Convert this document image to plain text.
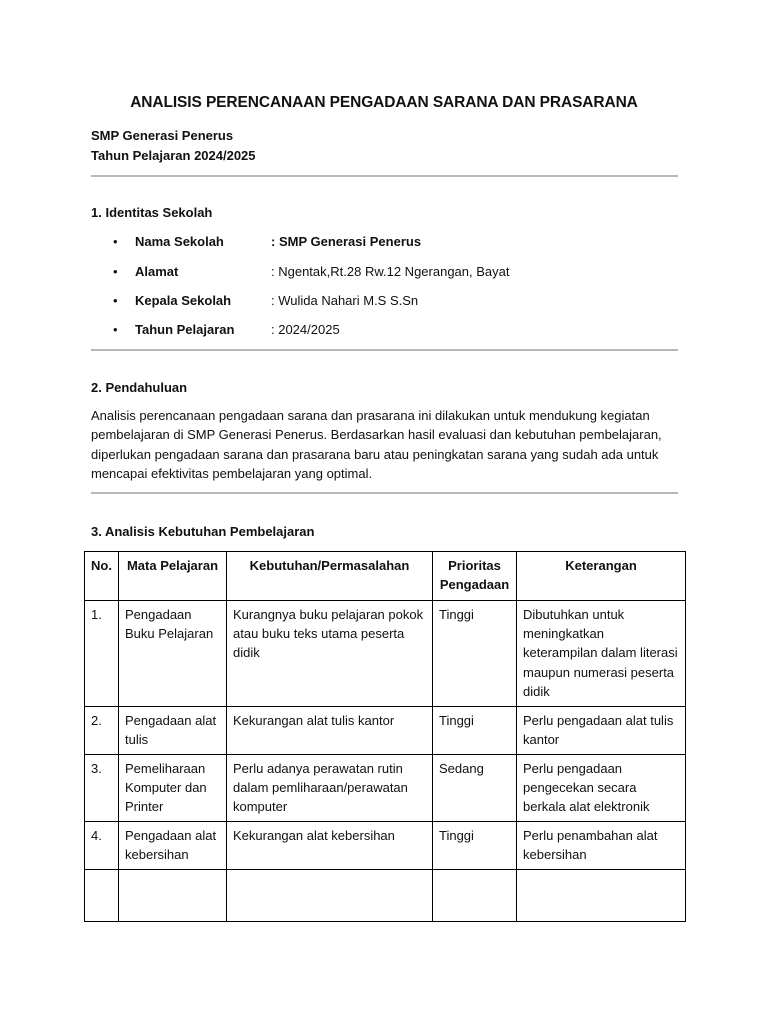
ANALISIS PERENCANAAN PENGADAAN SARANA DAN PRASARANA
SMP Generasi Penerus
Tahun Pelajaran 2024/2025
1. Identitas Sekolah
• Nama Sekolah	: SMP Generasi Penerus
• Alamat	: Ngentak,Rt.28 Rw.12 Ngerangan, Bayat
• Kepala Sekolah	: Wulida Nahari M.S S.Sn
• Tahun Pelajaran	: 2024/2025
2. Pendahuluan

Analisis perencanaan pengadaan sarana dan prasarana ini dilakukan untuk mendukung kegiatan

pembelajaran di SMP Generasi Penerus. Berdasarkan hasil evaluasi dan kebutuhan pembelajaran,

diperlukan pengadaan sarana dan prasarana baru atau peningkatan sarana yang sudah ada untuk

mencapai efektivitas pembelajaran yang optimal.

3. Analisis Kebutuhan Pembelajaran
No.	Mata Pelajaran	Kebutuhan/Permasalahan	Prioritas Pengadaan	Keterangan
1.	Pengadaan Buku Pelajaran	Kurangnya buku pelajaran pokok atau buku teks utama peserta didik	Tinggi	Dibutuhkan untuk meningkatkan keterampilan dalam literasi maupun numerasi peserta didik
2.	Pengadaan alat tulis	Kekurangan alat tulis kantor	Tinggi	Perlu pengadaan alat tulis kantor
3.	Pemeliharaan Komputer dan Printer	Perlu adanya perawatan rutin dalam pemliharaan/perawatan komputer	Sedang	Perlu pengadaan pengecekan secara berkala alat elektronik
4.	Pengadaan alat kebersihan	Kekurangan alat kebersihan	Tinggi	Perlu penambahan alat kebersihan
